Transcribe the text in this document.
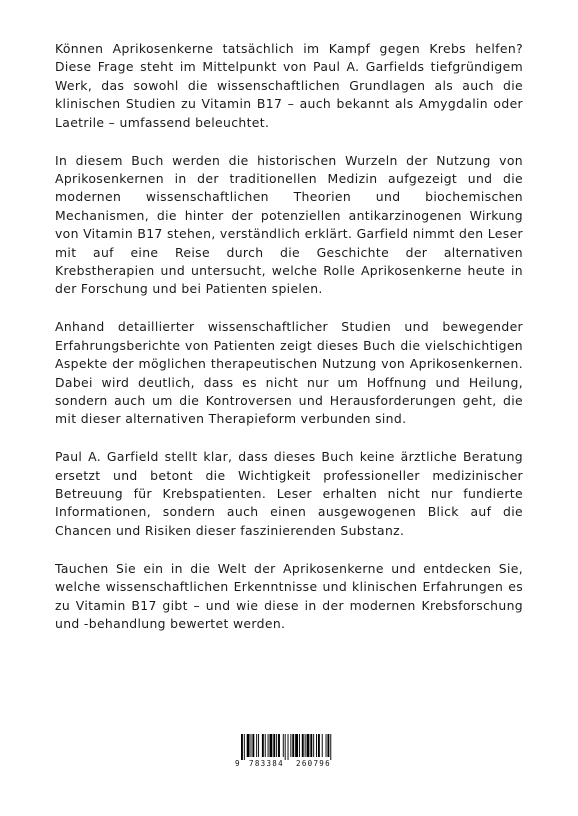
Können Aprikosenkerne tatsächlich im Kampf gegen Krebs helfen? Diese Frage steht im Mittelpunkt von Paul A. Garfields tiefgründigem Werk, das sowohl die wissenschaftlichen Grundlagen als auch die klinischen Studien zu Vitamin B17 – auch bekannt als Amygdalin oder Laetrile – umfassend beleuchtet.

In diesem Buch werden die historischen Wurzeln der Nutzung von Aprikosenkernen in der traditionellen Medizin aufgezeigt und die modernen wissenschaftlichen Theorien und biochemischen Mechanismen, die hinter der potenziellen antikarzinogenen Wirkung von Vitamin B17 stehen, verständlich erklärt. Garfield nimmt den Leser mit auf eine Reise durch die Geschichte der alternativen Krebstherapien und untersucht, welche Rolle Aprikosenkerne heute in der Forschung und bei Patienten spielen.

Anhand detaillierter wissenschaftlicher Studien und bewegender Erfahrungsberichte von Patienten zeigt dieses Buch die vielschichtigen Aspekte der möglichen therapeutischen Nutzung von Aprikosenkernen. Dabei wird deutlich, dass es nicht nur um Hoffnung und Heilung, sondern auch um die Kontroversen und Herausforderungen geht, die mit dieser alternativen Therapieform verbunden sind.

Paul A. Garfield stellt klar, dass dieses Buch keine ärztliche Beratung ersetzt und betont die Wichtigkeit professioneller medizinischer Betreuung für Krebspatienten. Leser erhalten nicht nur fundierte Informationen, sondern auch einen ausgewogenen Blick auf die Chancen und Risiken dieser faszinierenden Substanz.

Tauchen Sie ein in die Welt der Aprikosenkerne und entdecken Sie, welche wissenschaftlichen Erkenntnisse und klinischen Erfahrungen es zu Vitamin B17 gibt – und wie diese in der modernen Krebsforschung und -behandlung bewertet werden.

9 783384 260796
